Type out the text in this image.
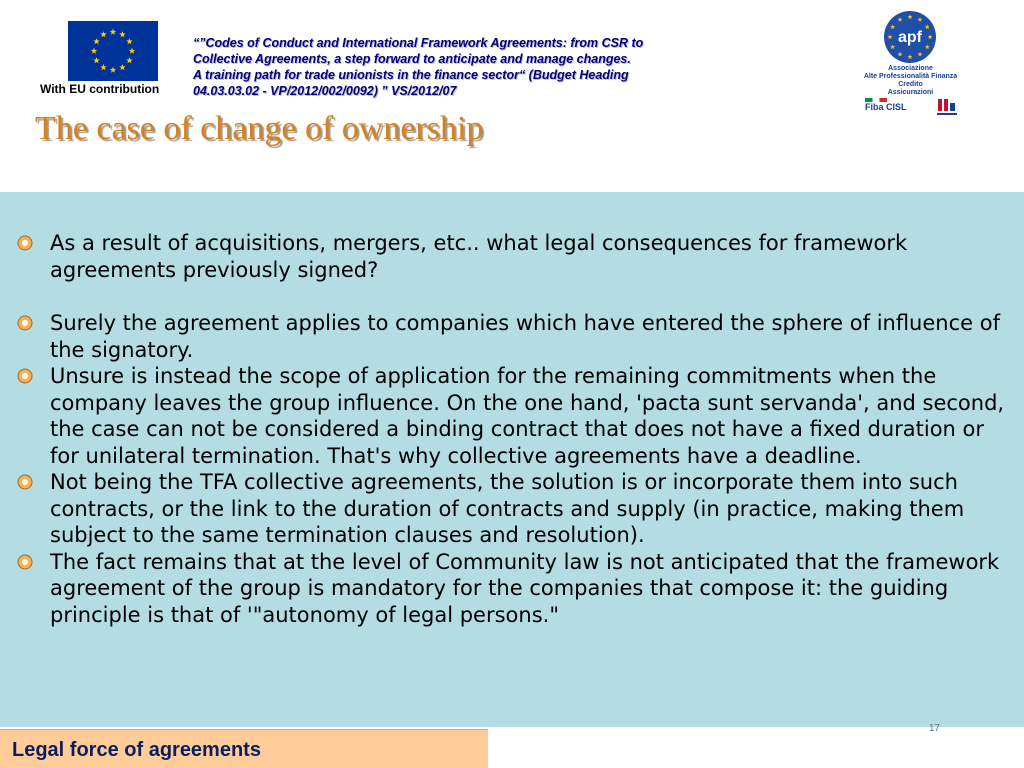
With EU contribution
“”Codes of Conduct and International Framework Agreements: from CSR to
Collective Agreements, a step forward to anticipate and manage changes.
A training path for trade unionists in the finance sector“ (Budget Heading
04.03.03.02 - VP/2012/002/0092) ” VS/2012/07
The case of change of ownership
apf
Associazione
Alte Professionalità Finanza
Credito
Assicurazioni
Fiba CISL
As a result of acquisitions, mergers, etc.. what legal consequences for framework agreements previously signed?
Surely the agreement applies to companies which have entered the sphere of influence of the signatory.
Unsure is instead the scope of application for the remaining commitments when the company leaves the group influence. On the one hand, 'pacta sunt servanda', and second, the case can not be considered a binding contract that does not have a fixed duration or for unilateral termination. That's why collective agreements have a deadline.
Not being the TFA collective agreements, the solution is or incorporate them into such contracts, or the link to the duration of contracts and supply (in practice, making them subject to the same termination clauses and resolution).
The fact remains that at the level of Community law is not anticipated that the framework agreement of the group is mandatory for the companies that compose it: the guiding principle is that of '"autonomy of legal persons."
17
Legal force of agreements
